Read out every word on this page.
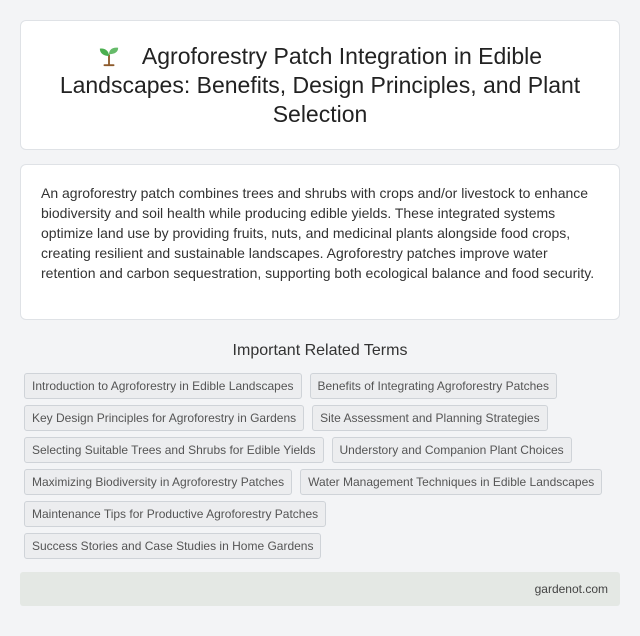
Agroforestry Patch Integration in Edible Landscapes: Benefits, Design Principles, and Plant Selection

An agroforestry patch combines trees and shrubs with crops and/or livestock to enhance biodiversity and soil health while producing edible yields. These integrated systems optimize land use by providing fruits, nuts, and medicinal plants alongside food crops, creating resilient and sustainable landscapes. Agroforestry patches improve water retention and carbon sequestration, supporting both ecological balance and food security.

Important Related Terms
Introduction to Agroforestry in Edible Landscapes	Benefits of Integrating Agroforestry Patches
Key Design Principles for Agroforestry in Gardens	Site Assessment and Planning Strategies
Selecting Suitable Trees and Shrubs for Edible Yields	Understory and Companion Plant Choices
Maximizing Biodiversity in Agroforestry Patches	Water Management Techniques in Edible Landscapes
Maintenance Tips for Productive Agroforestry Patches
Success Stories and Case Studies in Home Gardens
gardenot.com
